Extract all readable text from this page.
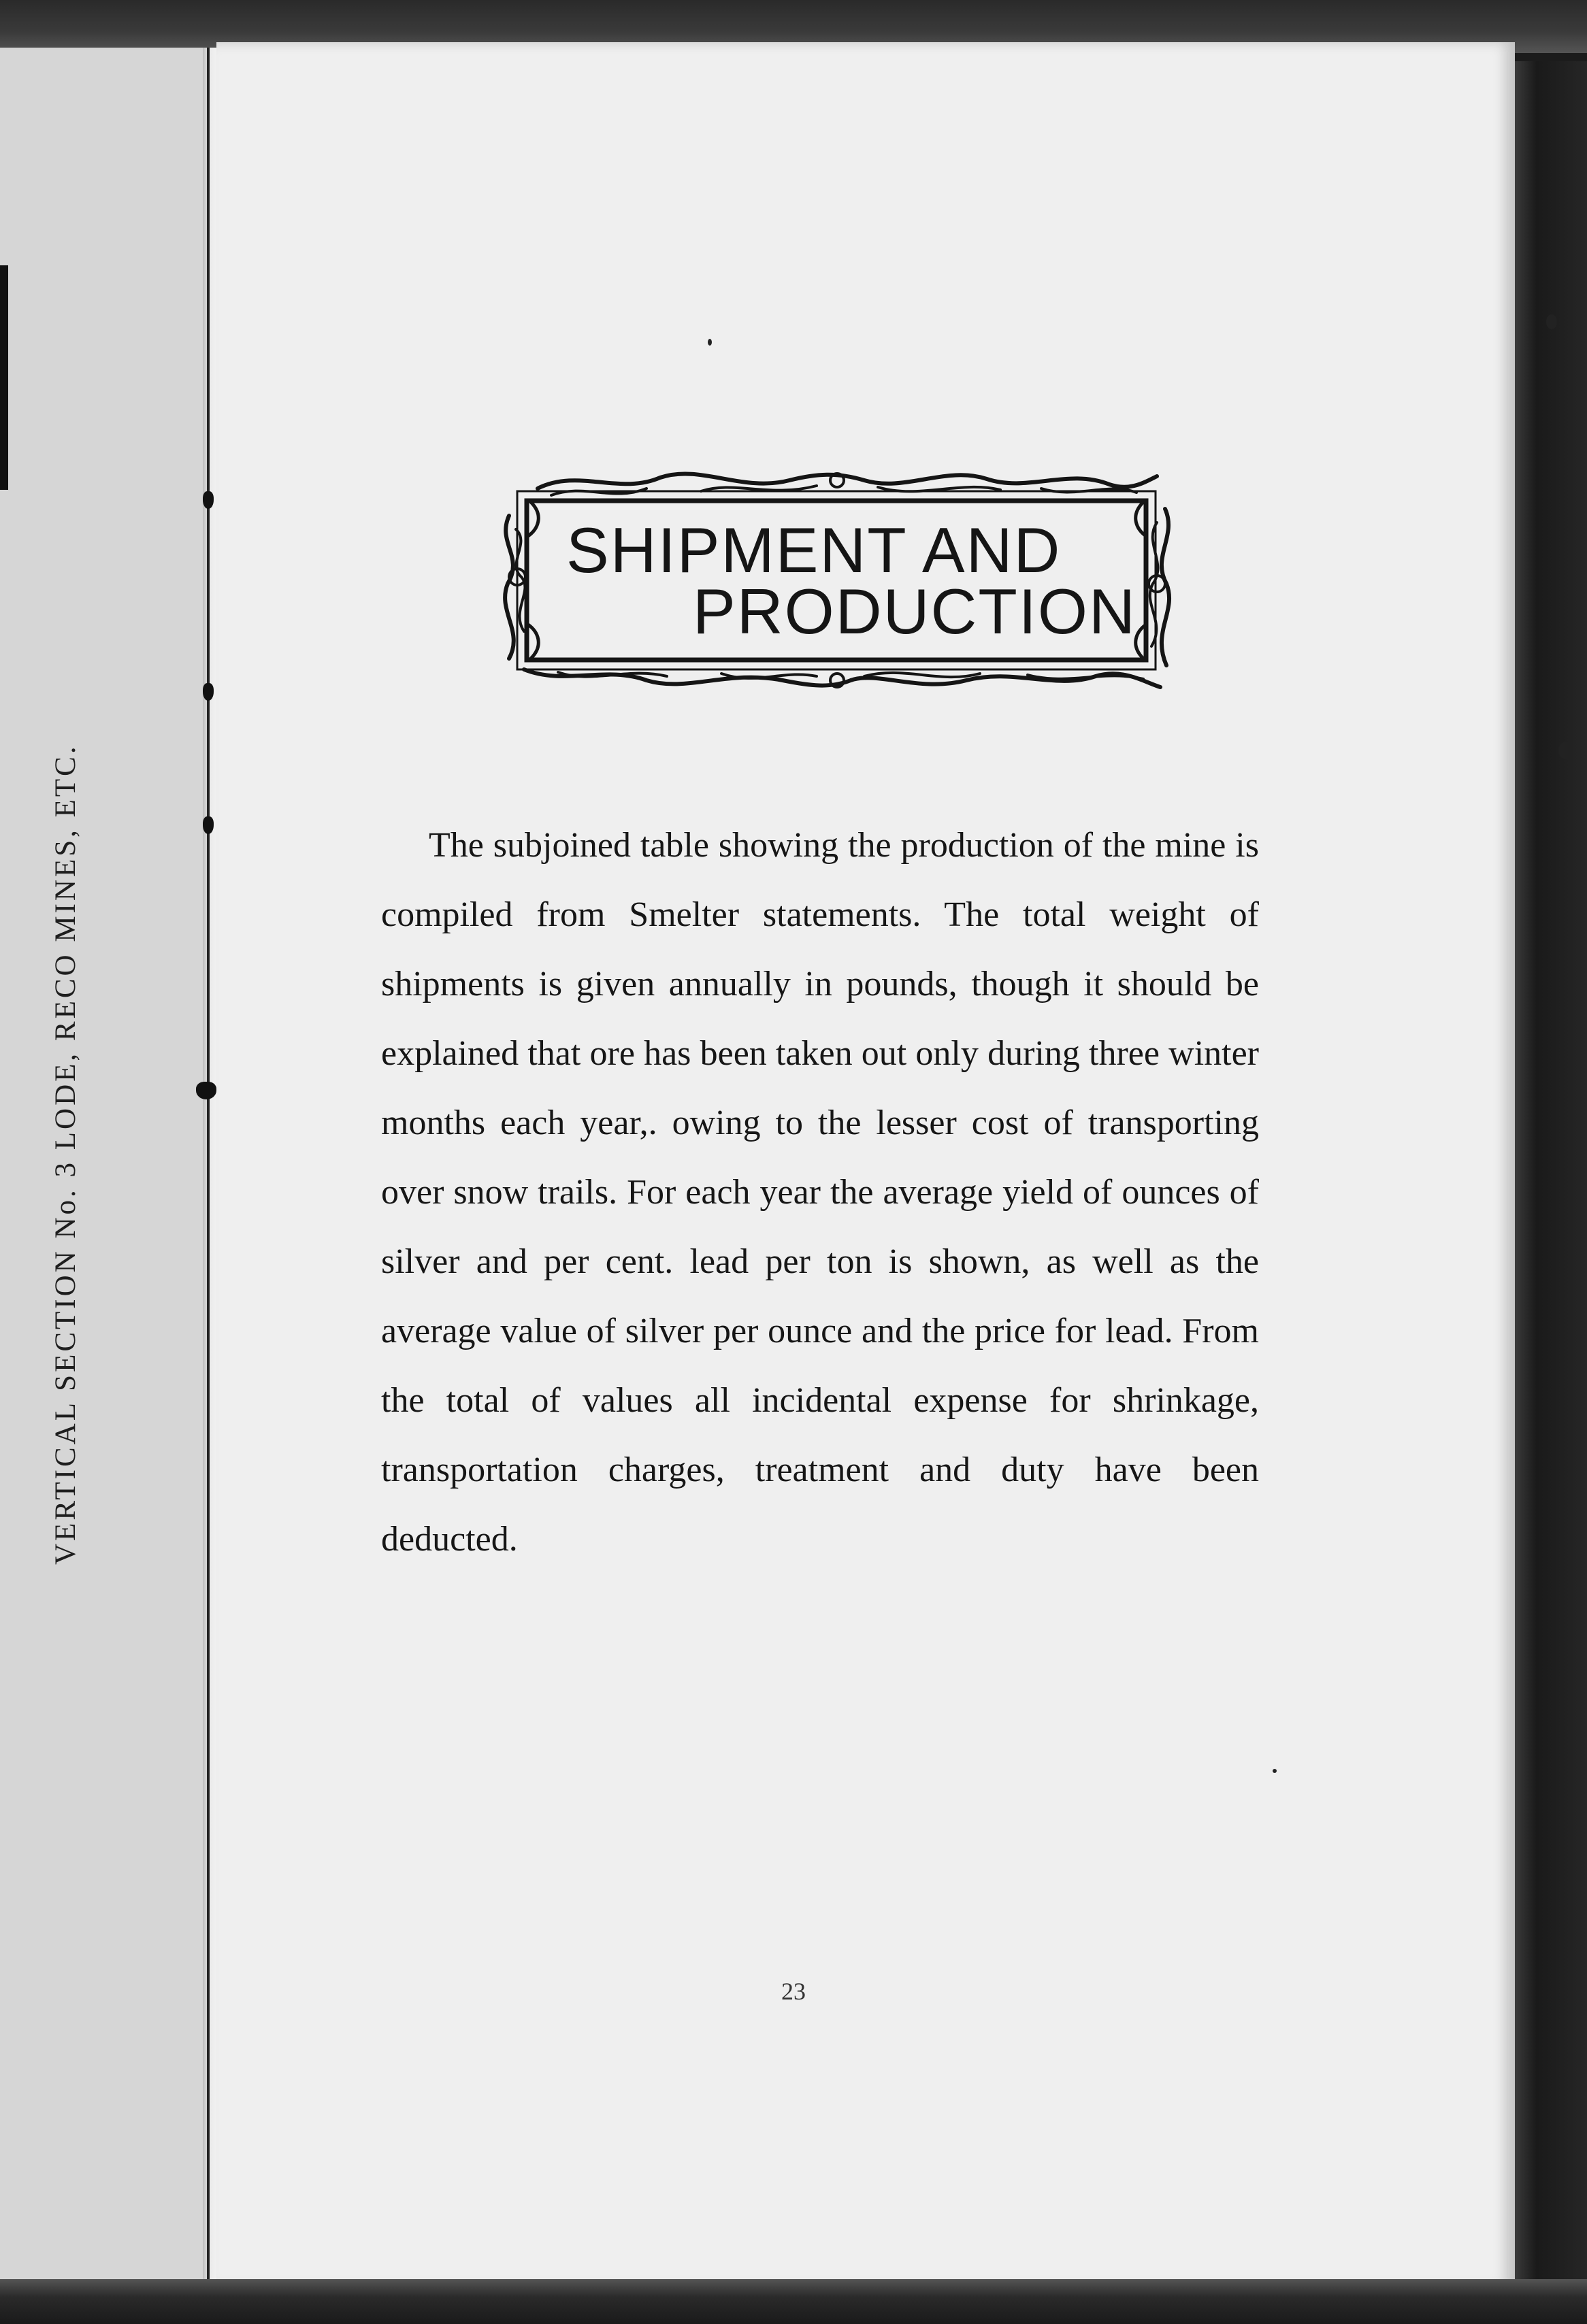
VERTICAL SECTION No. 3 LODE, RECO MINES, ETC.
SHIPMENT AND
PRODUCTION

The subjoined table showing the production of the mine is compiled from Smelter statements. The total weight of shipments is given annually in pounds, though it should be explained that ore has been taken out only during three winter months each year,. owing to the lesser cost of transporting over snow trails. For each year the average yield of ounces of silver and per cent. lead per ton is shown, as well as the average value of silver per ounce and the price for lead. From the total of values all incidental expense for shrinkage, transportation charges, treatment and duty have been deducted.

23
